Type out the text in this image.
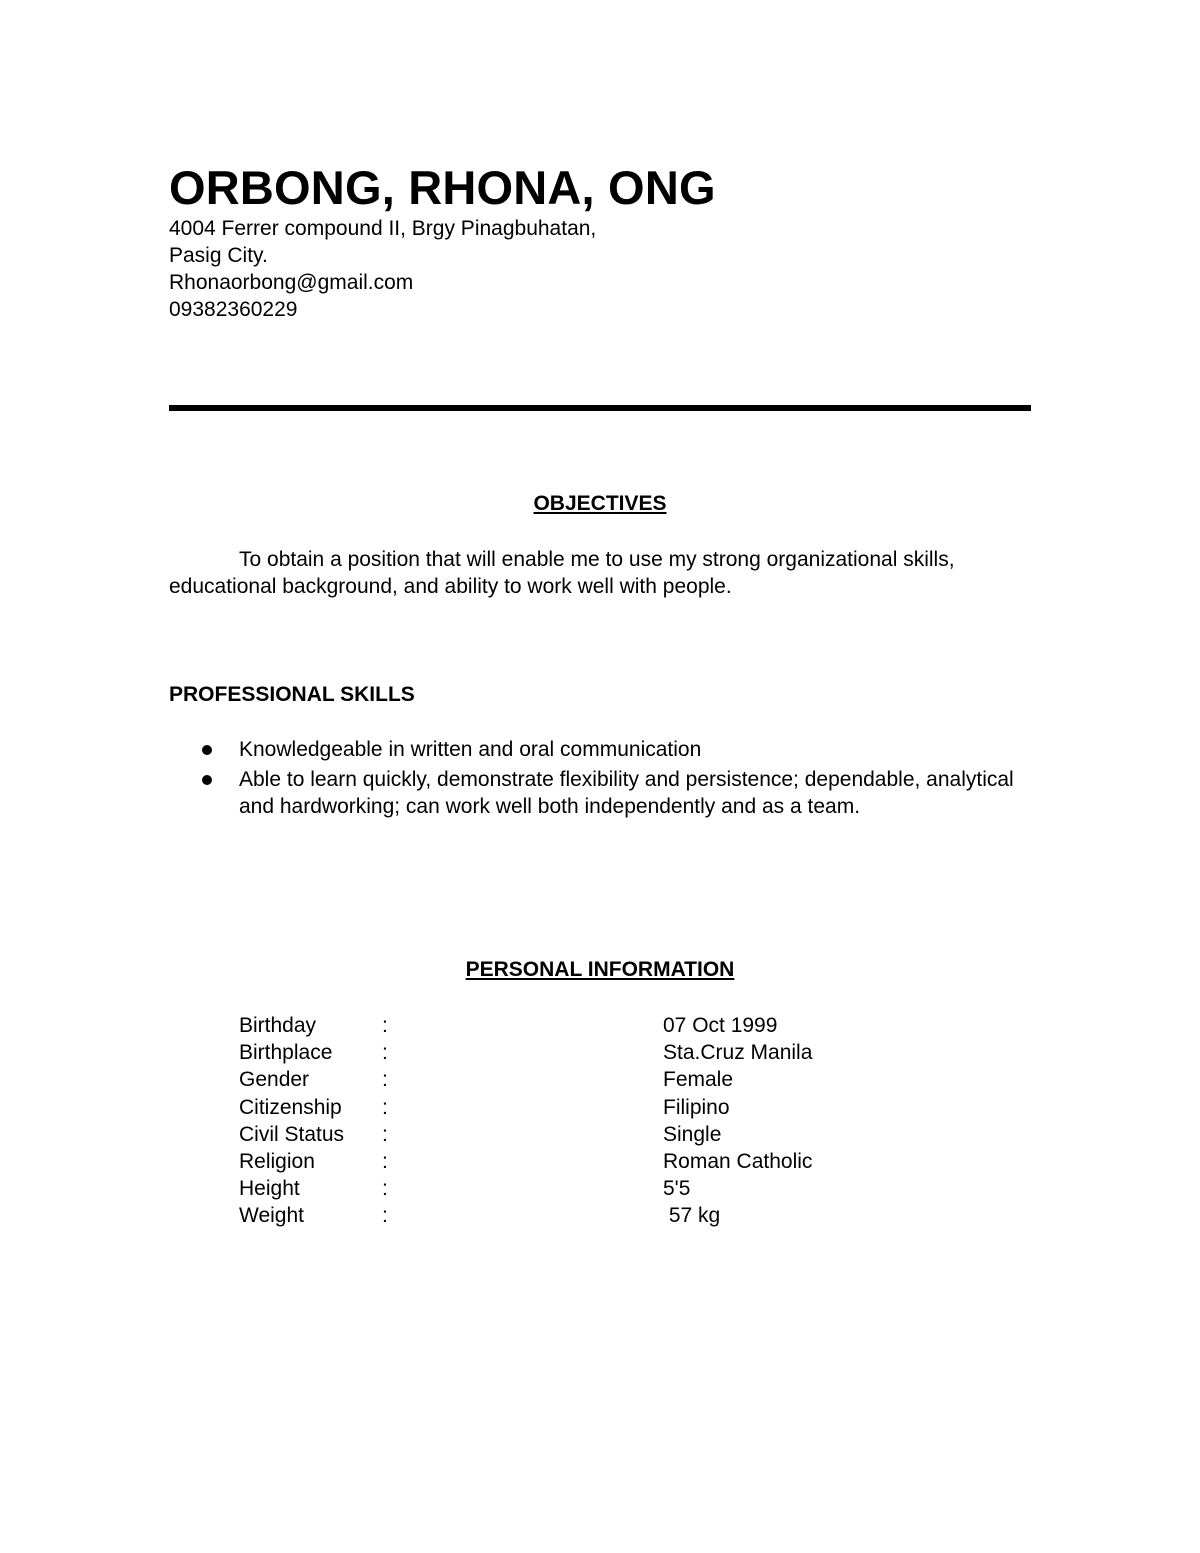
ORBONG, RHONA, ONG
4004 Ferrer compound II, Brgy Pinagbuhatan,
Pasig City.
Rhonaorbong@gmail.com
09382360229
OBJECTIVES
To obtain a position that will enable me to use my strong organizational skills, educational background, and ability to work well with people.
PROFESSIONAL SKILLS
Knowledgeable in written and oral communication
Able to learn quickly, demonstrate flexibility and persistence; dependable, analytical and hardworking; can work well both independently and as a team.
PERSONAL INFORMATION
Birthday	:	07 Oct 1999
Birthplace :	Sta.Cruz Manila
Gender	:	Female
Citizenship :	Filipino
Civil Status :	Single
Religion	:	Roman Catholic
Height	:	5'5
Weight	:	57 kg
